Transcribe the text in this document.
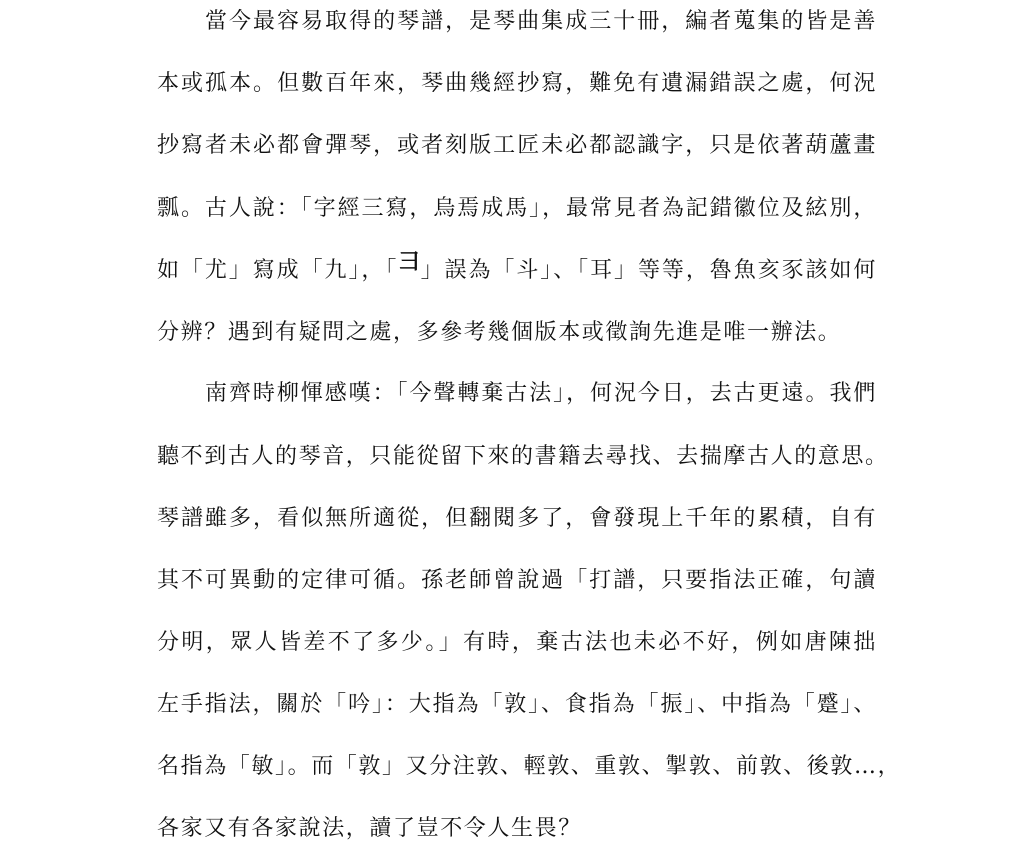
當今最容易取得的琴譜，是琴曲集成三十冊，編者蒐集的皆是善
本或孤本。但數百年來，琴曲幾經抄寫，難免有遺漏錯誤之處，何況
抄寫者未必都會彈琴，或者刻版工匠未必都認識字，只是依著葫蘆畫
瓢。古人說：「字經三寫，烏焉成馬」，最常見者為記錯徽位及絃別，
如「尤」寫成「九」，「彐」誤為「斗」、「耳」等等，魯魚亥豕該如何
分辨？遇到有疑問之處，多參考幾個版本或徵詢先進是唯一辦法。
南齊時柳惲感嘆：「今聲轉棄古法」，何況今日，去古更遠。我們
聽不到古人的琴音，只能從留下來的書籍去尋找、去揣摩古人的意思。
琴譜雖多，看似無所適從，但翻閱多了，會發現上千年的累積，自有
其不可異動的定律可循。孫老師曾說過「打譜，只要指法正確，句讀
分明，眾人皆差不了多少。」有時，棄古法也未必不好，例如唐陳拙
左手指法，關於「吟」：大指為「敦」、食指為「振」、中指為「蹙」、
名指為「敏」。而「敦」又分注敦、輕敦、重敦、掣敦、前敦、後敦…，
各家又有各家說法，讀了豈不令人生畏？
